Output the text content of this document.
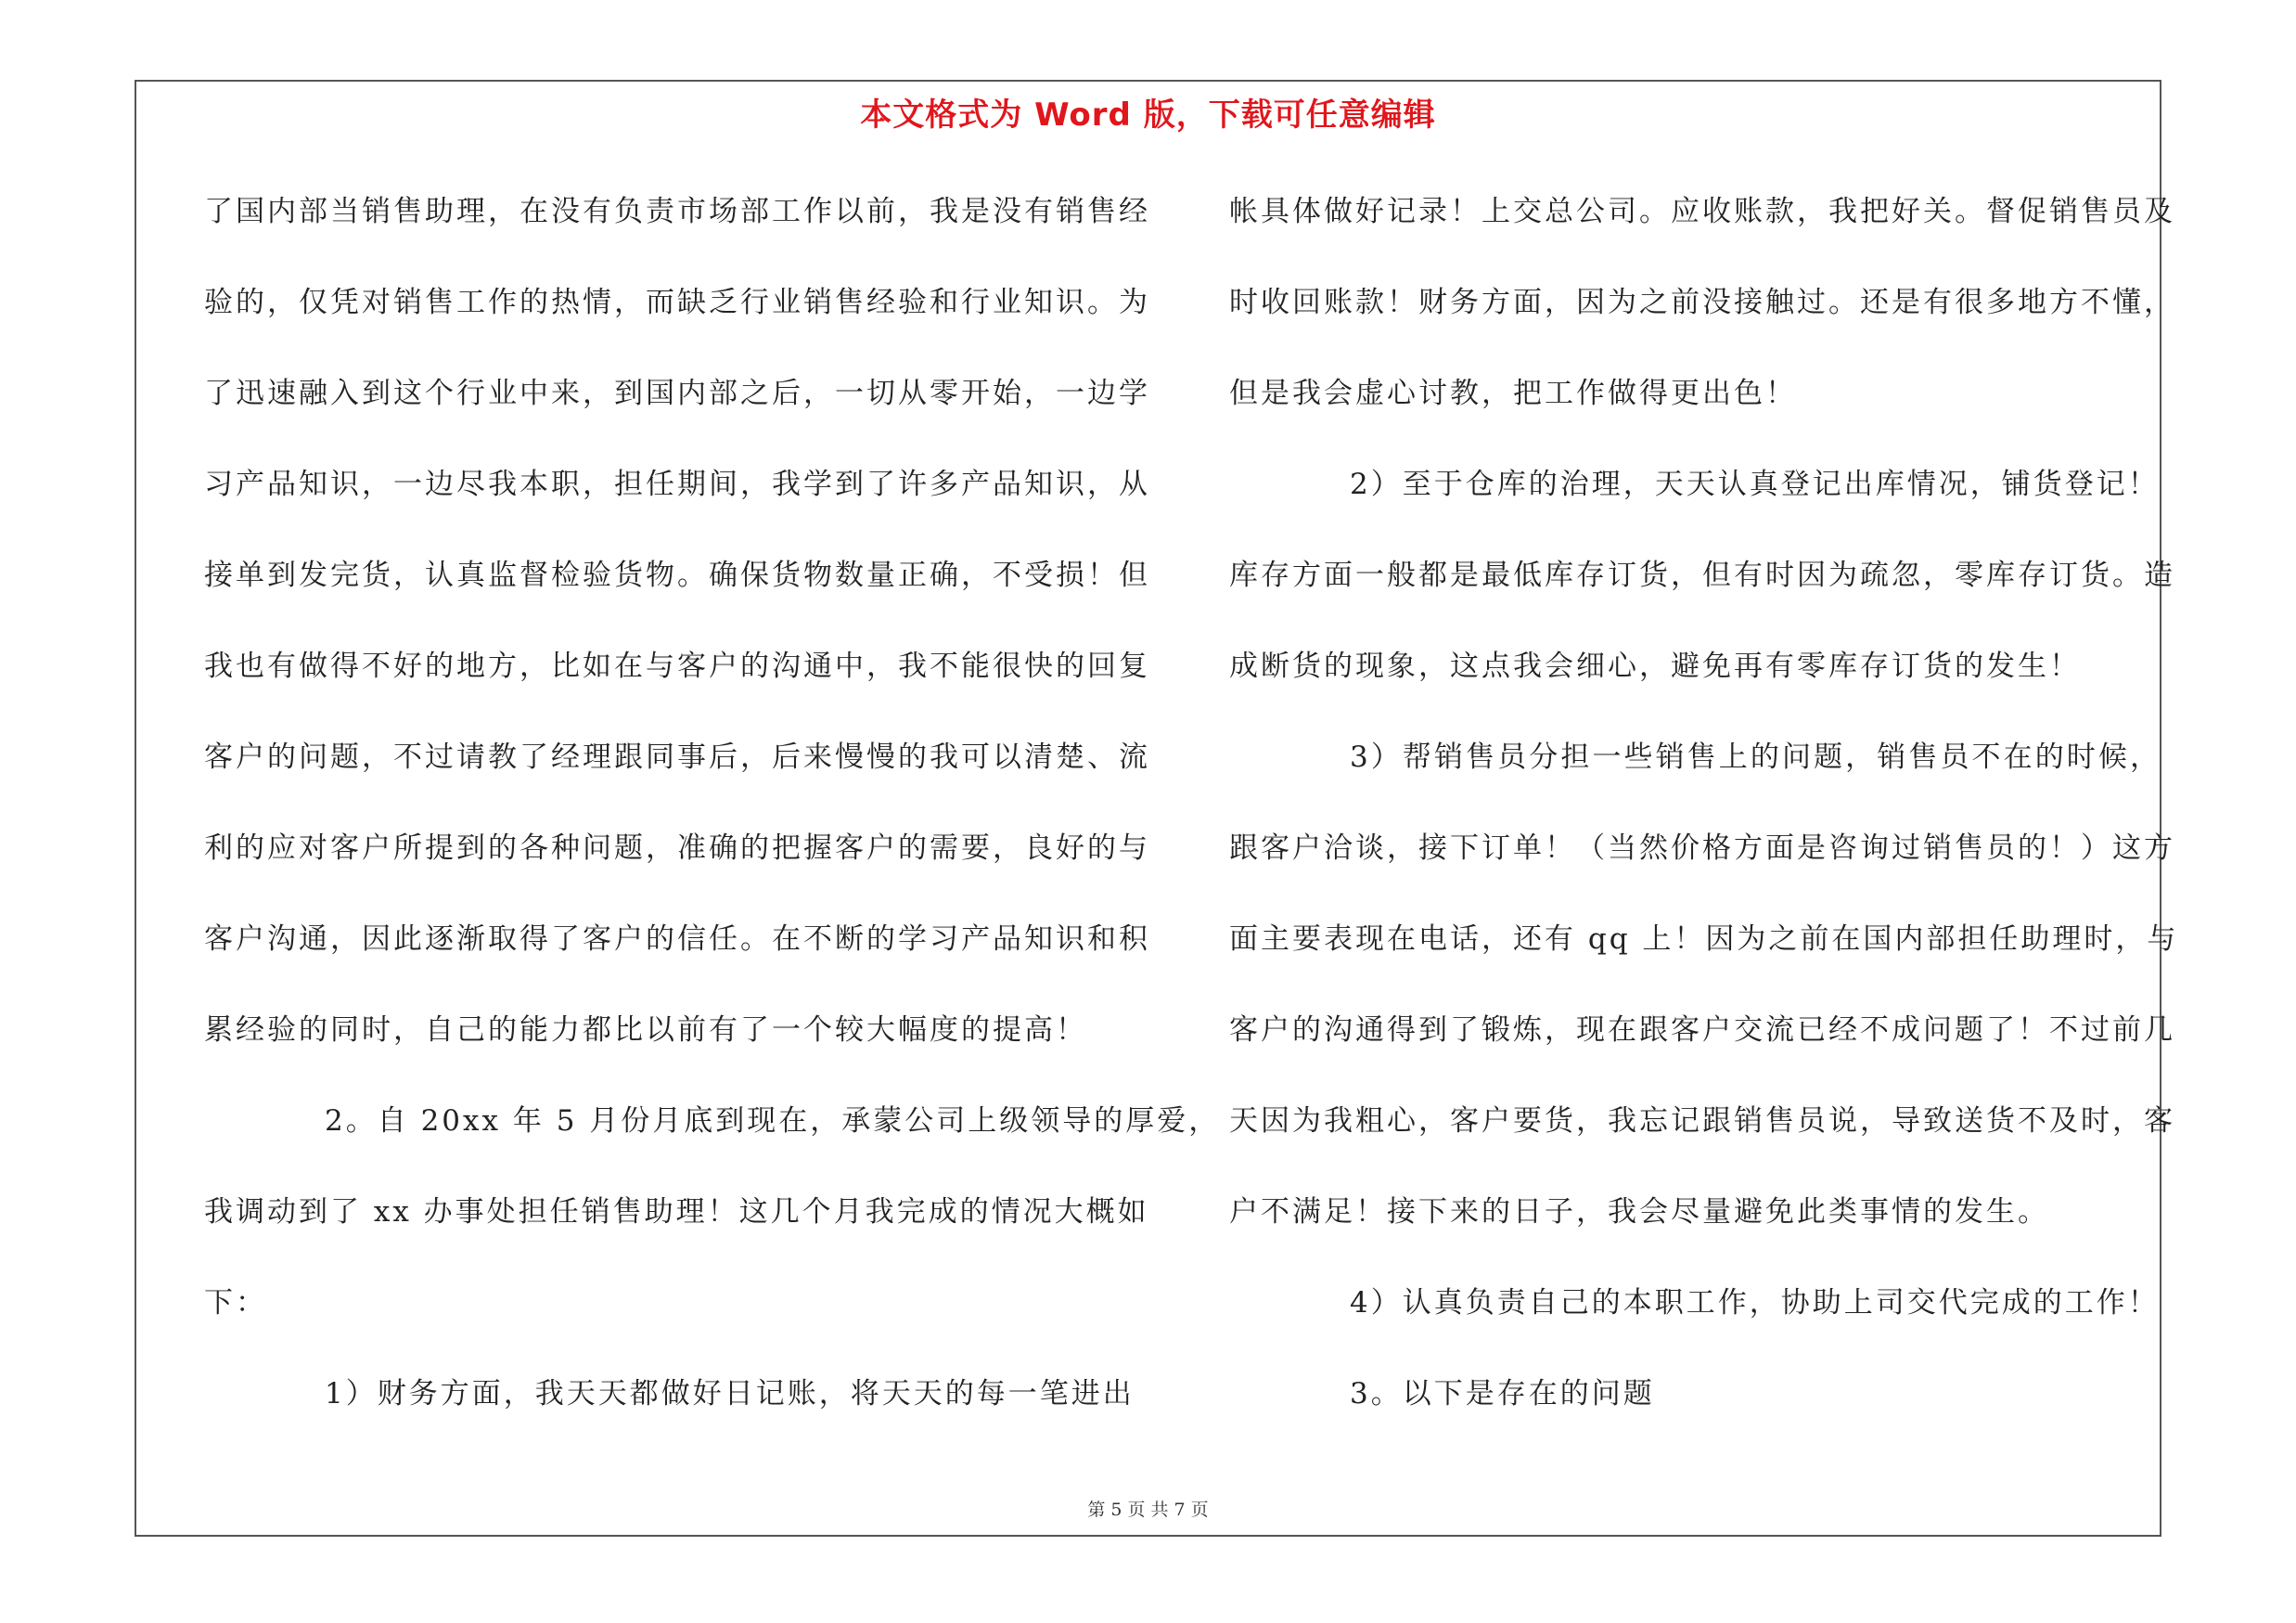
本文格式为 Word 版，下载可任意编辑
了国内部当销售助理，在没有负责市场部工作以前，我是没有销售经
验的，仅凭对销售工作的热情，而缺乏行业销售经验和行业知识。为
了迅速融入到这个行业中来，到国内部之后，一切从零开始，一边学
习产品知识，一边尽我本职，担任期间，我学到了许多产品知识，从
接单到发完货，认真监督检验货物。确保货物数量正确，不受损！但
我也有做得不好的地方，比如在与客户的沟通中，我不能很快的回复
客户的问题，不过请教了经理跟同事后，后来慢慢的我可以清楚、流
利的应对客户所提到的各种问题，准确的把握客户的需要，良好的与
客户沟通，因此逐渐取得了客户的信任。在不断的学习产品知识和积
累经验的同时，自己的能力都比以前有了一个较大幅度的提高！
2。自 20xx 年 5 月份月底到现在，承蒙公司上级领导的厚爱，
我调动到了 xx 办事处担任销售助理！这几个月我完成的情况大概如
下：
1）财务方面，我天天都做好日记账，将天天的每一笔进出
帐具体做好记录！上交总公司。应收账款，我把好关。督促销售员及
时收回账款！财务方面，因为之前没接触过。还是有很多地方不懂，
但是我会虚心讨教，把工作做得更出色！
2）至于仓库的治理，天天认真登记出库情况，铺货登记！
库存方面一般都是最低库存订货，但有时因为疏忽，零库存订货。造
成断货的现象，这点我会细心，避免再有零库存订货的发生！
3）帮销售员分担一些销售上的问题，销售员不在的时候，
跟客户洽谈，接下订单！（当然价格方面是咨询过销售员的！）这方
面主要表现在电话，还有 qq 上！因为之前在国内部担任助理时，与
客户的沟通得到了锻炼，现在跟客户交流已经不成问题了！不过前几
天因为我粗心，客户要货，我忘记跟销售员说，导致送货不及时，客
户不满足！接下来的日子，我会尽量避免此类事情的发生。
4）认真负责自己的本职工作，协助上司交代完成的工作！
3。以下是存在的问题
第 5 页 共 7 页
